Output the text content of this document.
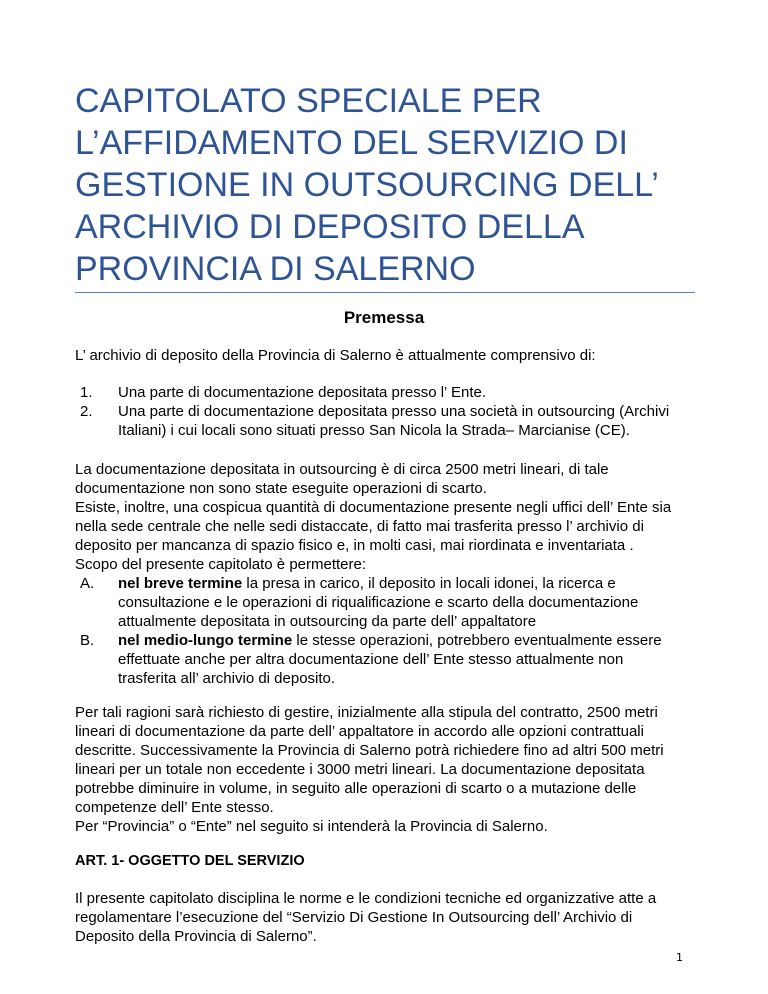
CAPITOLATO SPECIALE PER
L’AFFIDAMENTO DEL SERVIZIO DI
GESTIONE IN OUTSOURCING DELL’
ARCHIVIO DI DEPOSITO DELLA
PROVINCIA DI SALERNO
Premessa
L’ archivio di deposito della Provincia di Salerno è attualmente comprensivo di:
1.	Una parte di documentazione depositata presso l’ Ente.
2.	Una parte di documentazione depositata presso una società in outsourcing (Archivi
Italiani) i cui locali sono situati presso San Nicola la Strada– Marcianise (CE).
La documentazione depositata in outsourcing è di circa 2500 metri lineari, di tale
documentazione non sono state eseguite operazioni di scarto.
Esiste, inoltre, una cospicua quantità di documentazione presente negli uffici dell’ Ente sia
nella sede centrale che nelle sedi distaccate, di fatto mai trasferita presso l’ archivio di
deposito per mancanza di spazio fisico e, in molti casi, mai riordinata e inventariata .
Scopo del presente capitolato è permettere:
A.	nel breve termine la presa in carico, il deposito in locali idonei, la ricerca e
consultazione e le operazioni di riqualificazione e scarto della documentazione
attualmente depositata in outsourcing da parte dell’ appaltatore
B.	nel medio-lungo termine le stesse operazioni, potrebbero eventualmente essere
effettuate anche per altra documentazione dell’ Ente stesso attualmente non
trasferita all’ archivio di deposito.
Per tali ragioni sarà richiesto di gestire, inizialmente alla stipula del contratto, 2500 metri
lineari di documentazione da parte dell’ appaltatore in accordo alle opzioni contrattuali
descritte. Successivamente la Provincia di Salerno potrà richiedere fino ad altri 500 metri
lineari per un totale non eccedente i 3000 metri lineari. La documentazione depositata
potrebbe diminuire in volume, in seguito alle operazioni di scarto o a mutazione delle
competenze dell’ Ente stesso.
Per “Provincia” o “Ente” nel seguito si intenderà la Provincia di Salerno.
ART. 1- OGGETTO DEL SERVIZIO
Il presente capitolato disciplina le norme e le condizioni tecniche ed organizzative atte a
regolamentare l’esecuzione del “Servizio Di Gestione In Outsourcing dell’ Archivio di
Deposito della Provincia di Salerno”.
1
